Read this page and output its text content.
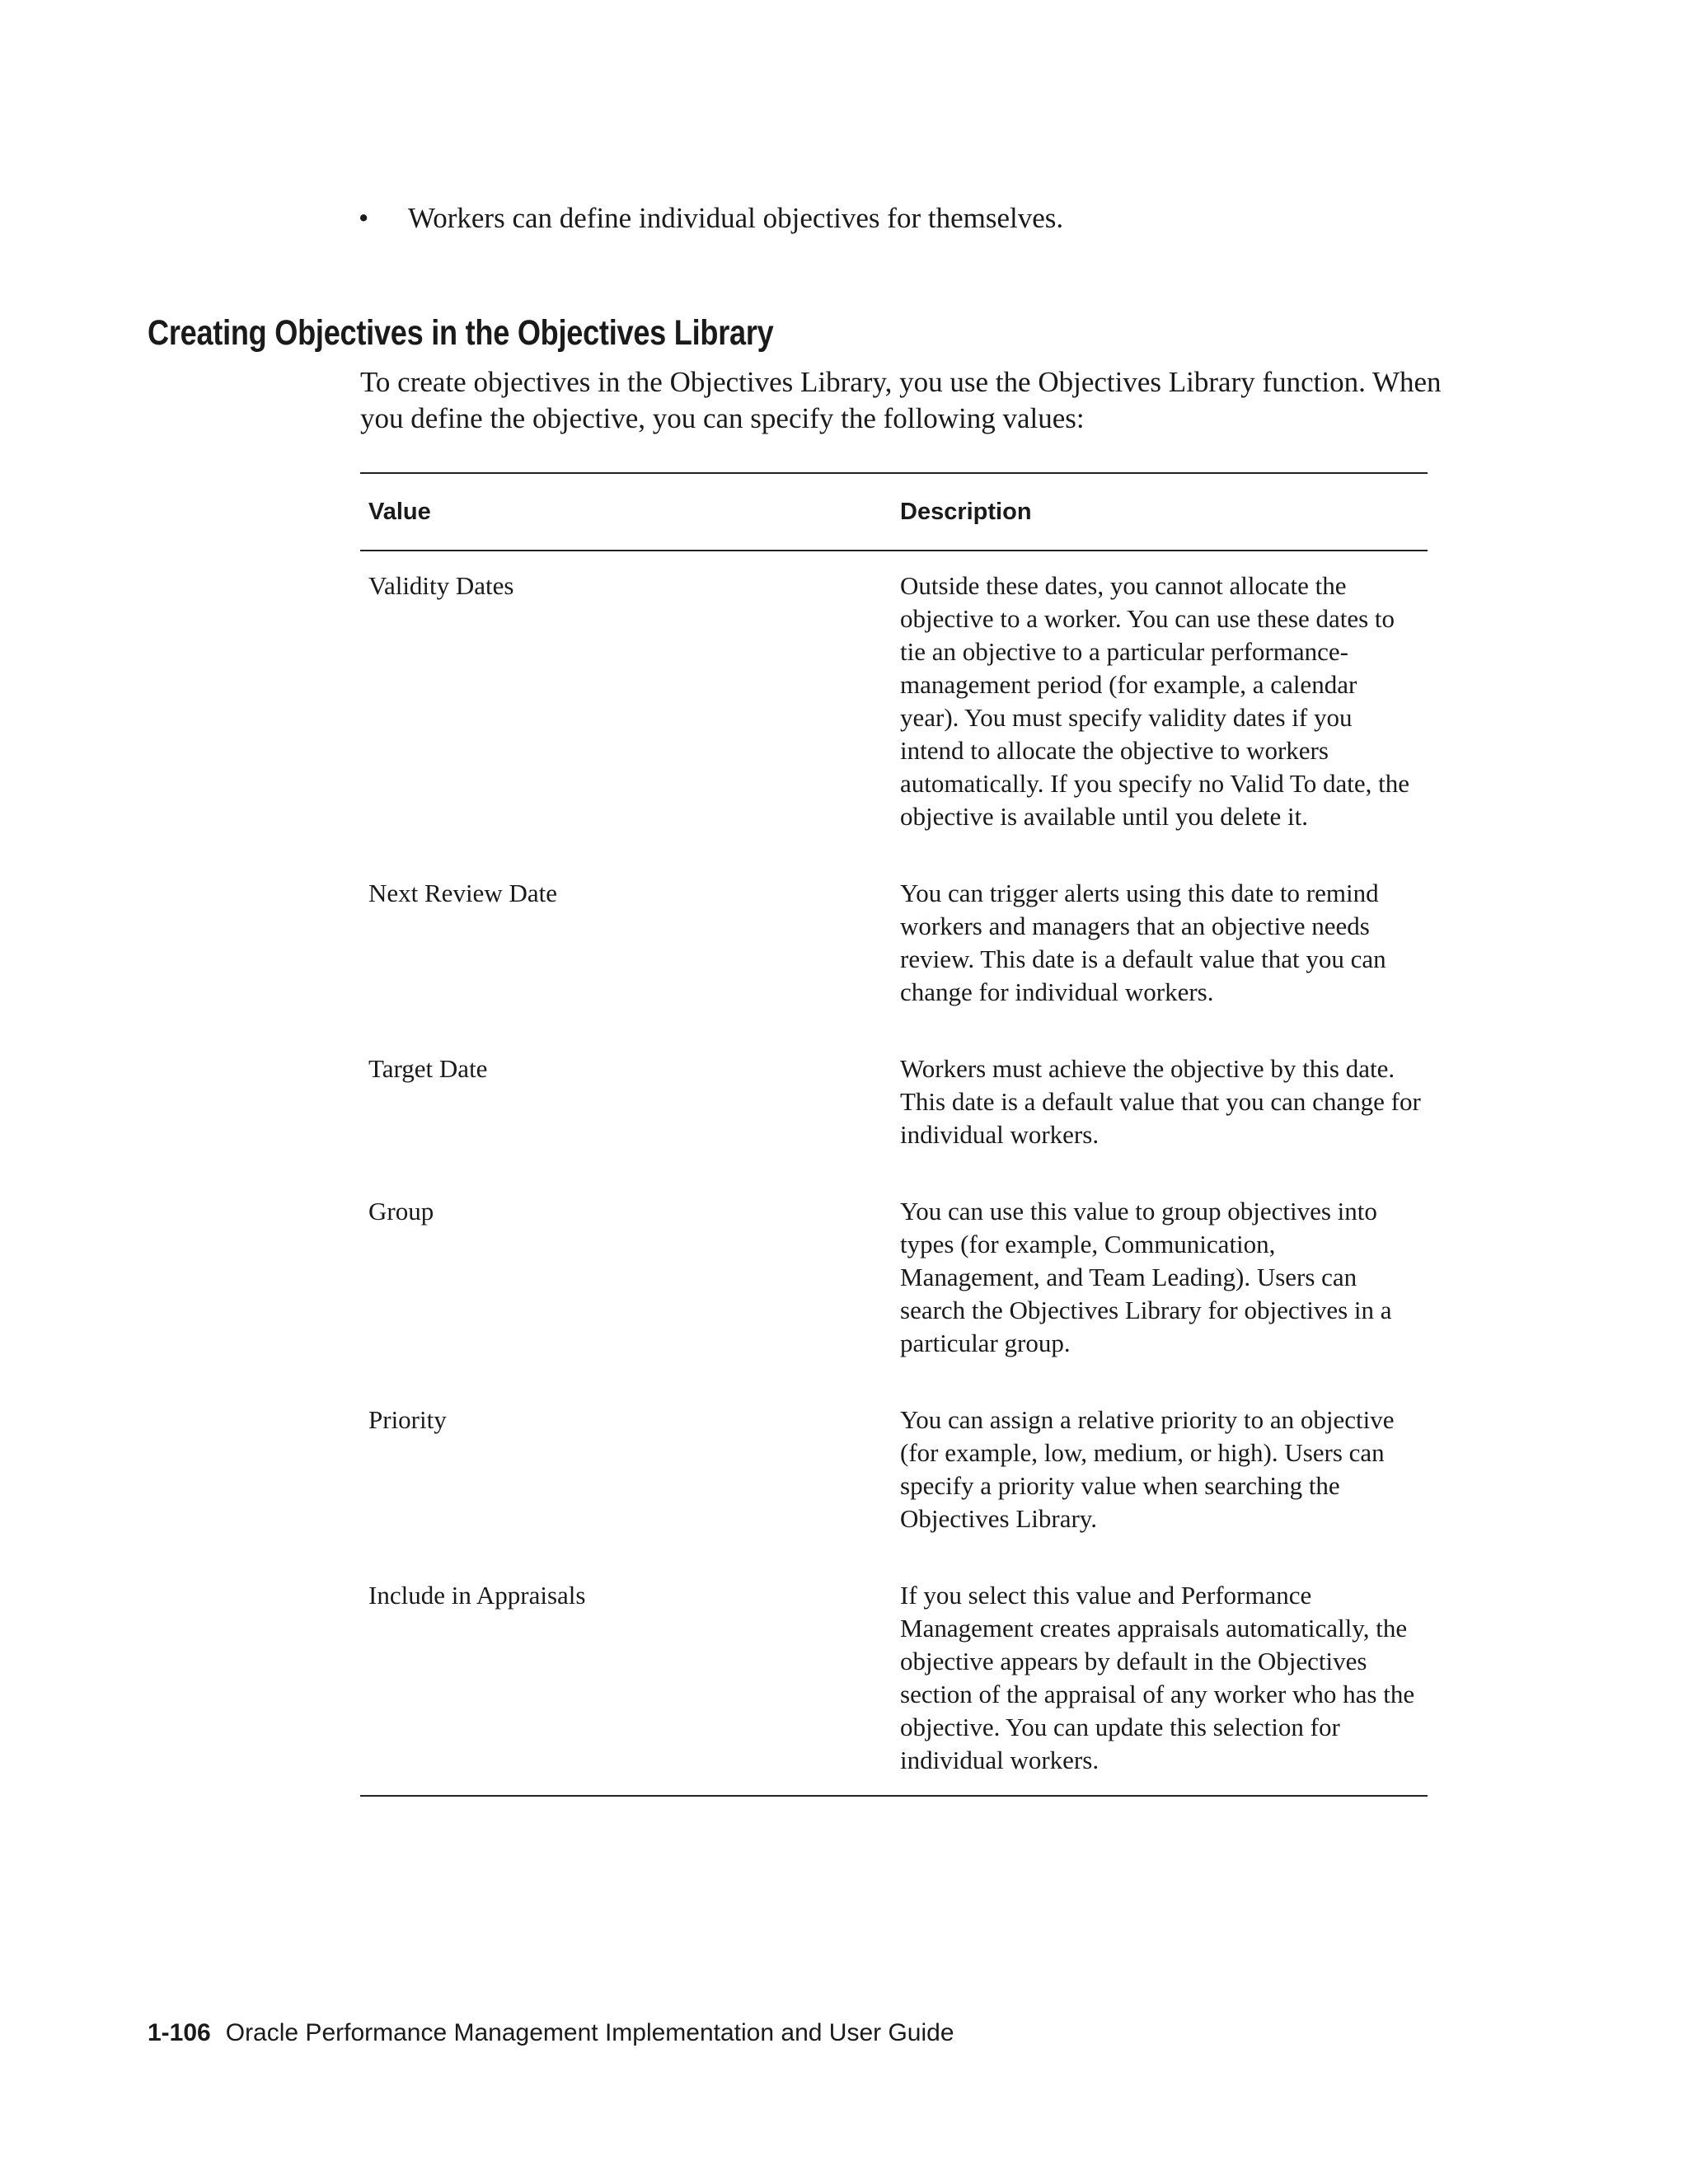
•	Workers can define individual objectives for themselves.
Creating Objectives in the Objectives Library

To create objectives in the Objectives Library, you use the Objectives Library function. When you define the objective, you can specify the following values:

Value	Description
Validity Dates	Outside these dates, you cannot allocate the objective to a worker. You can use these dates to tie an objective to a particular performance-management period (for example, a calendar year). You must specify validity dates if you intend to allocate the objective to workers automatically. If you specify no Valid To date, the objective is available until you delete it.
Next Review Date	You can trigger alerts using this date to remind workers and managers that an objective needs review. This date is a default value that you can change for individual workers.
Target Date	Workers must achieve the objective by this date. This date is a default value that you can change for individual workers.
Group	You can use this value to group objectives into types (for example, Communication, Management, and Team Leading). Users can search the Objectives Library for objectives in a particular group.
Priority	You can assign a relative priority to an objective (for example, low, medium, or high). Users can specify a priority value when searching the Objectives Library.
Include in Appraisals	If you select this value and Performance Management creates appraisals automatically, the objective appears by default in the Objectives section of the appraisal of any worker who has the objective. You can update this selection for individual workers.
1-106 Oracle Performance Management Implementation and User Guide
